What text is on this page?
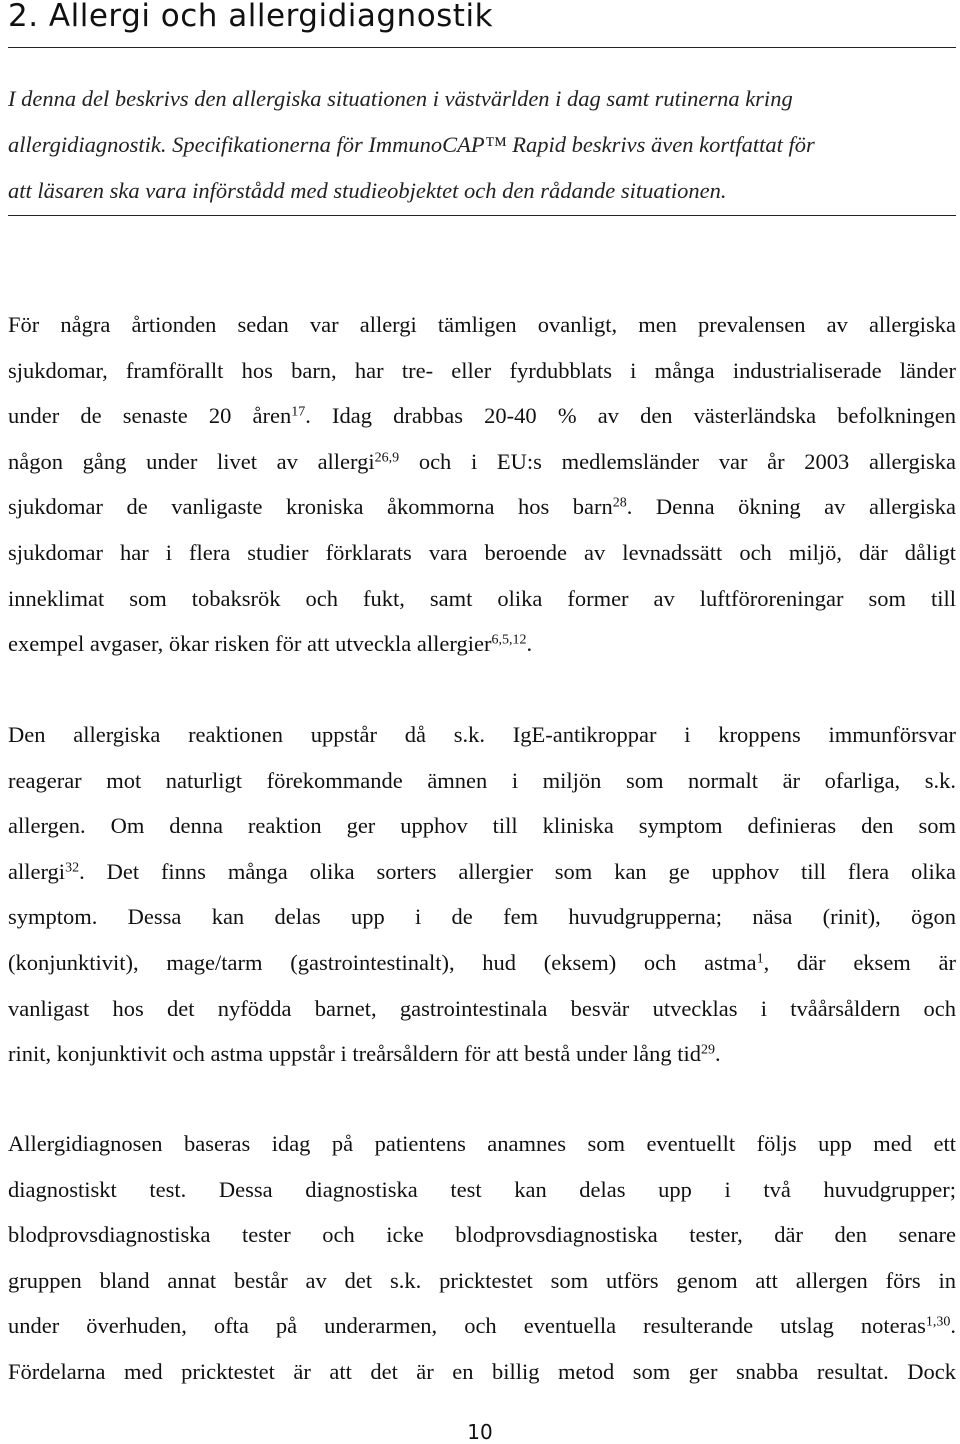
2. Allergi och allergidiagnostik

I denna del beskrivs den allergiska situationen i västvärlden i dag samt rutinerna kring
allergidiagnostik. Specifikationerna för ImmunoCAP™ Rapid beskrivs även kortfattat för
att läsaren ska vara införstådd med studieobjektet och den rådande situationen.

För några årtionden sedan var allergi tämligen ovanligt, men prevalensen av allergiska
sjukdomar, framförallt hos barn, har tre- eller fyrdubblats i många industrialiserade länder
under de senaste 20 åren$^{17}$. Idag drabbas 20-40 % av den västerländska befolkningen
någon gång under livet av allergi$^{26,9}$ och i EU:s medlemsländer var år 2003 allergiska
sjukdomar de vanligaste kroniska åkommorna hos barn$^{28}$. Denna ökning av allergiska
sjukdomar har i flera studier förklarats vara beroende av levnadssätt och miljö, där dåligt
inneklimat som tobaksrök och fukt, samt olika former av luftföroreningar som till
exempel avgaser, ökar risken för att utveckla allergier$^{6,5,12}$.

Den allergiska reaktionen uppstår då s.k. IgE-antikroppar i kroppens immunförsvar
reagerar mot naturligt förekommande ämnen i miljön som normalt är ofarliga, s.k.
allergen. Om denna reaktion ger upphov till kliniska symptom definieras den som
allergi$^{32}$. Det finns många olika sorters allergier som kan ge upphov till flera olika
symptom. Dessa kan delas upp i de fem huvudgrupperna; näsa (rinit), ögon
(konjunktivit), mage/tarm (gastrointestinalt), hud (eksem) och astma$^1$, där eksem är
vanligast hos det nyfödda barnet, gastrointestinala besvär utvecklas i tvåårsåldern och
rinit, konjunktivit och astma uppstår i treårsåldern för att bestå under lång tid$^{29}$.

Allergidiagnosen baseras idag på patientens anamnes som eventuellt följs upp med ett
diagnostiskt test. Dessa diagnostiska test kan delas upp i två huvudgrupper;
blodprovsdiagnostiska tester och icke blodprovsdiagnostiska tester, där den senare
gruppen bland annat består av det s.k. pricktestet som utförs genom att allergen förs in
under överhuden, ofta på underarmen, och eventuella resulterande utslag noteras$^{1,30}$.
Fördelarna med pricktestet är att det är en billig metod som ger snabba resultat. Dock

10
